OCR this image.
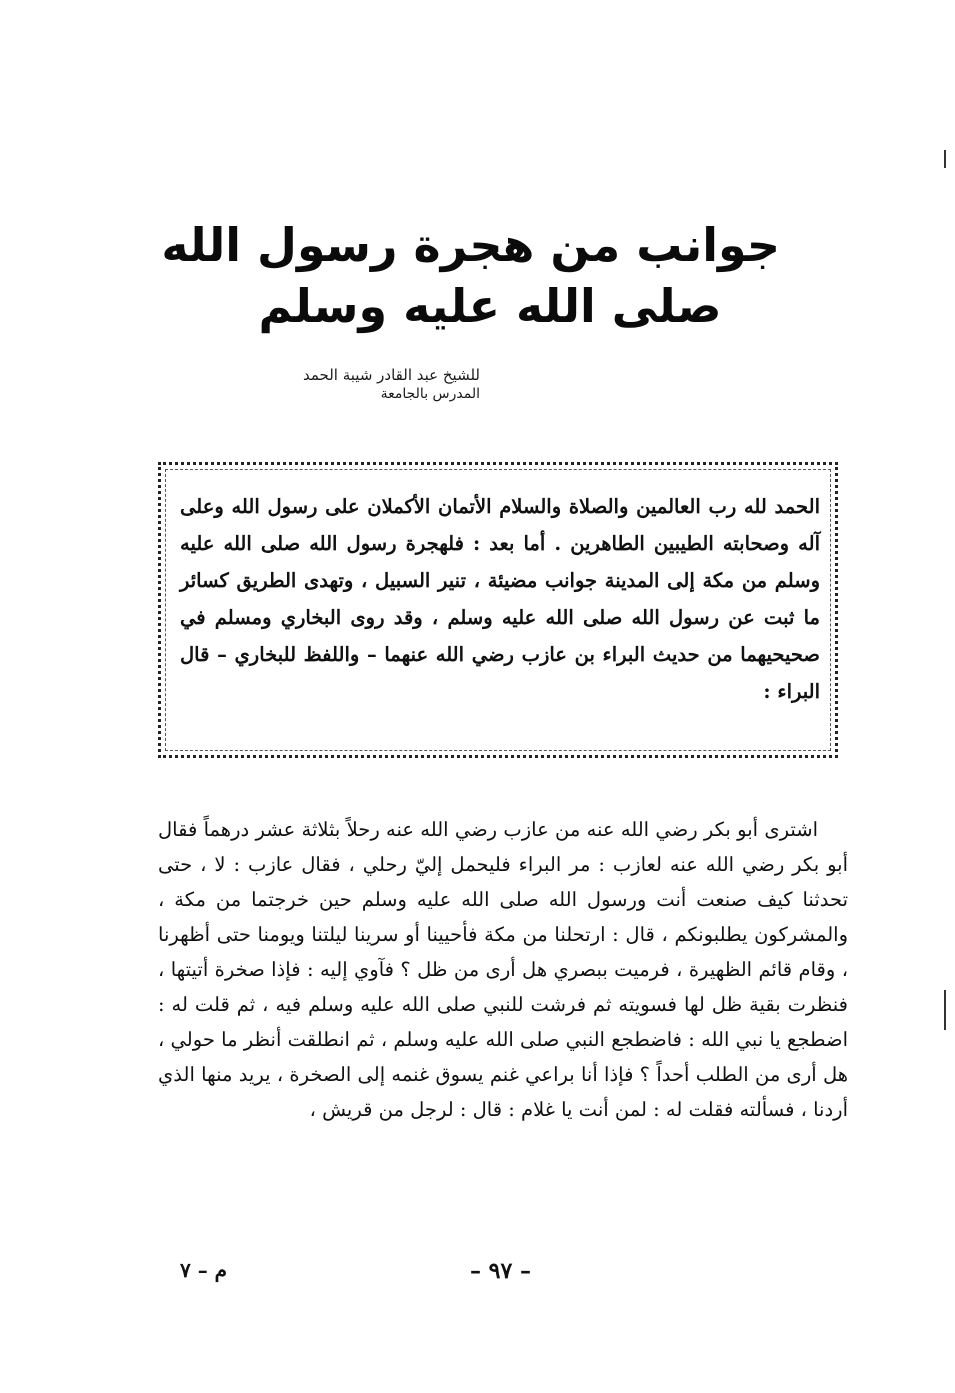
جوانب من هجرة رسول الله
صلى الله عليه وسلم
للشيخ عبد القادر شيبة الحمد
المدرس بالجامعة
الحمد لله رب العالمين والصلاة والسلام الأتمان الأكملان على رسول الله وعلى آله وصحابته الطيبين الطاهرين . أما بعد : فلهجرة رسول الله صلى الله عليه وسلم من مكة إلى المدينة جوانب مضيئة ، تنير السبيل ، وتهدى الطريق كسائر ما ثبت عن رسول الله صلى الله عليه وسلم ، وقد روى البخاري ومسلم في صحيحيهما من حديث البراء بن عازب رضي الله عنهما – واللفظ للبخاري – قال البراء :

اشترى أبو بكر رضي الله عنه من عازب رضي الله عنه رحلاً بثلاثة عشر درهماً فقال أبو بكر رضي الله عنه لعازب : مر البراء فليحمل إليّ رحلي ، فقال عازب : لا ، حتى تحدثنا كيف صنعت أنت ورسول الله صلى الله عليه وسلم حين خرجتما من مكة ، والمشركون يطلبونكم ، قال : ارتحلنا من مكة فأحيينا أو سرينا ليلتنا ويومنا حتى أظهرنا ، وقام قائم الظهيرة ، فرميت ببصري هل أرى من ظل ؟ فآوي إليه : فإذا صخرة أتيتها ، فنظرت بقية ظل لها فسويته ثم فرشت للنبي صلى الله عليه وسلم فيه ، ثم قلت له : اضطجع يا نبي الله : فاضطجع النبي صلى الله عليه وسلم ، ثم انطلقت أنظر ما حولي ، هل أرى من الطلب أحداً ؟ فإذا أنا براعي غنم يسوق غنمه إلى الصخرة ، يريد منها الذي أردنا ، فسألته فقلت له : لمن أنت يا غلام : قال : لرجل من قريش ،

م – ٧	– ٩٧ –
